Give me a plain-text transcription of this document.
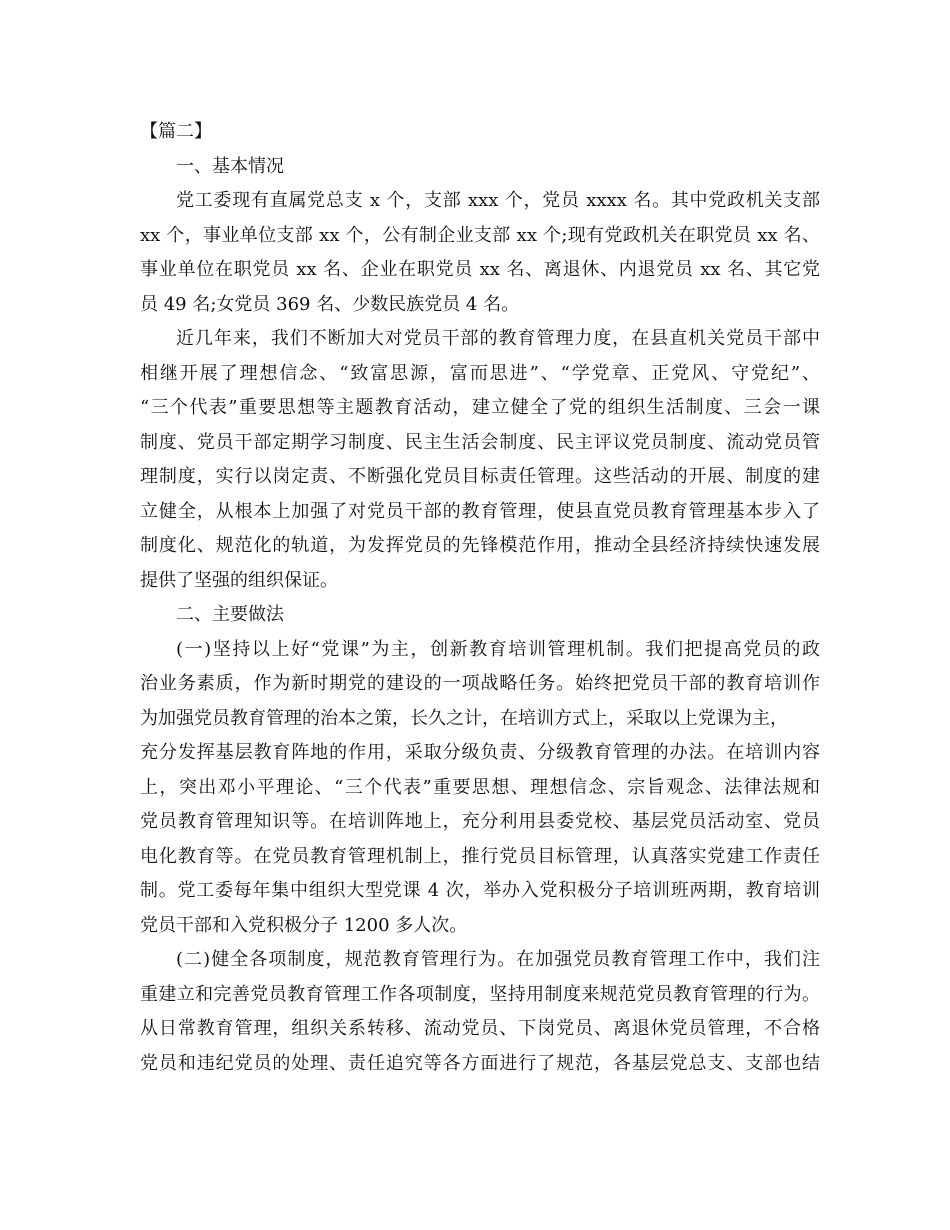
【篇二】
一、基本情况
党工委现有直属党总支 x 个，支部 xxx 个，党员 xxxx 名。其中党政机关支部
xx 个，事业单位支部 xx 个，公有制企业支部 xx 个;现有党政机关在职党员 xx 名、
事业单位在职党员 xx 名、企业在职党员 xx 名、离退休、内退党员 xx 名、其它党
员 49 名;女党员 369 名、少数民族党员 4 名。
近几年来，我们不断加大对党员干部的教育管理力度，在县直机关党员干部中
相继开展了理想信念、“致富思源，富而思进”、“学党章、正党风、守党纪”、
“三个代表”重要思想等主题教育活动，建立健全了党的组织生活制度、三会一课
制度、党员干部定期学习制度、民主生活会制度、民主评议党员制度、流动党员管
理制度，实行以岗定责、不断强化党员目标责任管理。这些活动的开展、制度的建
立健全，从根本上加强了对党员干部的教育管理，使县直党员教育管理基本步入了
制度化、规范化的轨道，为发挥党员的先锋模范作用，推动全县经济持续快速发展
提供了坚强的组织保证。
二、主要做法
(一)坚持以上好“党课”为主，创新教育培训管理机制。我们把提高党员的政
治业务素质，作为新时期党的建设的一项战略任务。始终把党员干部的教育培训作
为加强党员教育管理的治本之策，长久之计，在培训方式上，采取以上党课为主，
充分发挥基层教育阵地的作用，采取分级负责、分级教育管理的办法。在培训内容
上，突出邓小平理论、“三个代表”重要思想、理想信念、宗旨观念、法律法规和
党员教育管理知识等。在培训阵地上，充分利用县委党校、基层党员活动室、党员
电化教育等。在党员教育管理机制上，推行党员目标管理，认真落实党建工作责任
制。党工委每年集中组织大型党课 4 次，举办入党积极分子培训班两期，教育培训
党员干部和入党积极分子 1200 多人次。
(二)健全各项制度，规范教育管理行为。在加强党员教育管理工作中，我们注
重建立和完善党员教育管理工作各项制度，坚持用制度来规范党员教育管理的行为。
从日常教育管理，组织关系转移、流动党员、下岗党员、离退休党员管理，不合格
党员和违纪党员的处理、责任追究等各方面进行了规范，各基层党总支、支部也结
